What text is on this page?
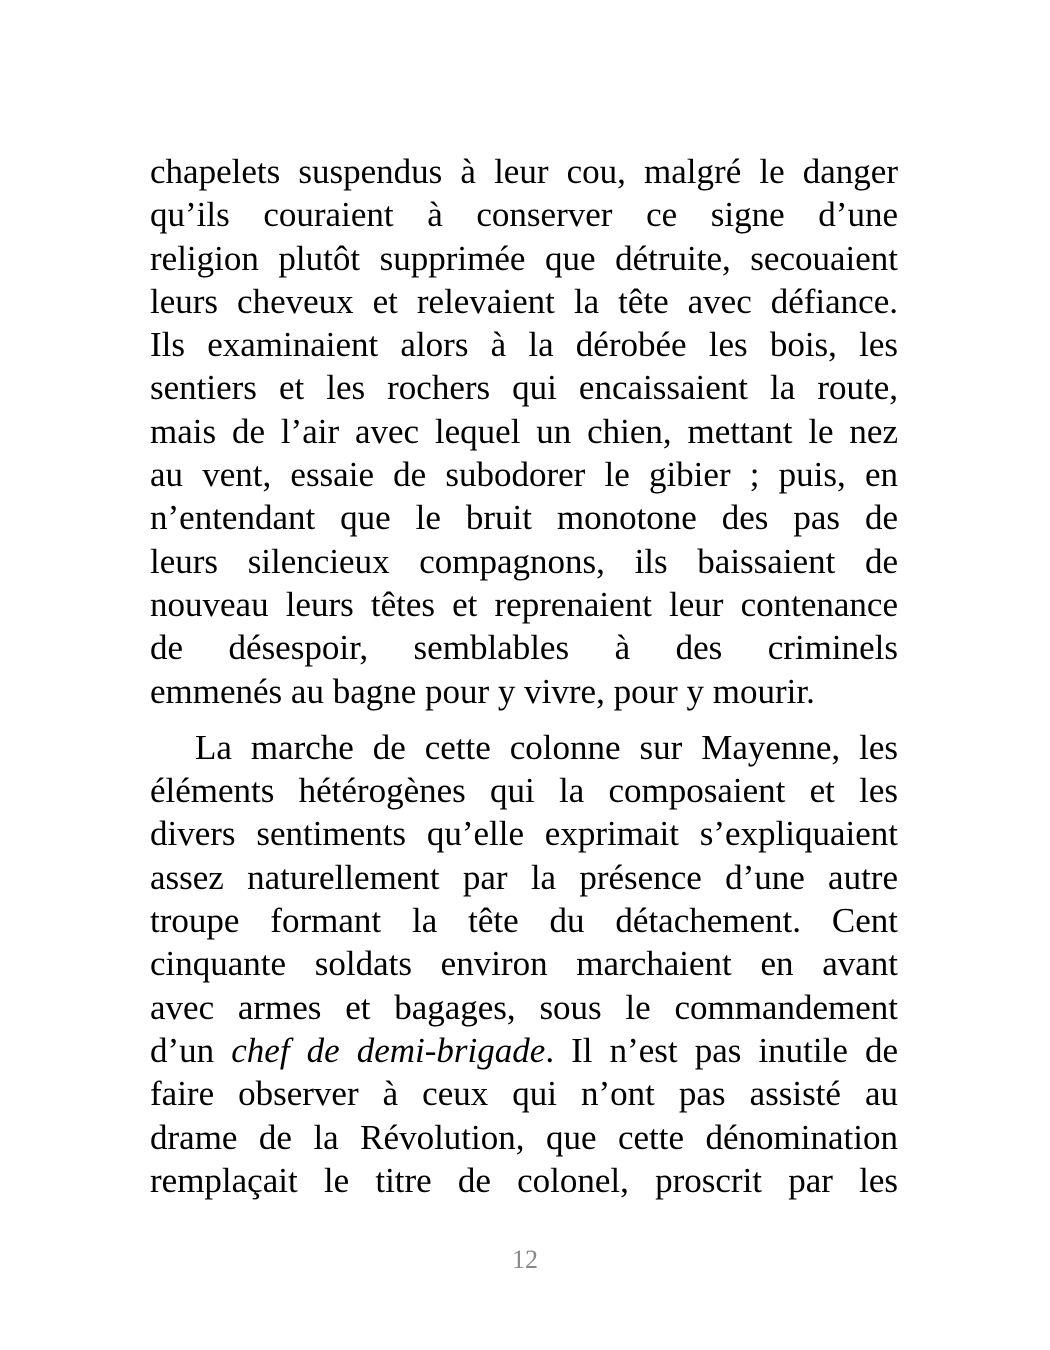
chapelets suspendus à leur cou, malgré le danger
qu’ils couraient à conserver ce signe d’une
religion plutôt supprimée que détruite, secouaient
leurs cheveux et relevaient la tête avec défiance.
Ils examinaient alors à la dérobée les bois, les
sentiers et les rochers qui encaissaient la route,
mais de l’air avec lequel un chien, mettant le nez
au vent, essaie de subodorer le gibier ; puis, en
n’entendant que le bruit monotone des pas de
leurs silencieux compagnons, ils baissaient de
nouveau leurs têtes et reprenaient leur contenance
de désespoir, semblables à des criminels
emmenés au bagne pour y vivre, pour y mourir.
La marche de cette colonne sur Mayenne, les
éléments hétérogènes qui la composaient et les
divers sentiments qu’elle exprimait s’expliquaient
assez naturellement par la présence d’une autre
troupe formant la tête du détachement. Cent
cinquante soldats environ marchaient en avant
avec armes et bagages, sous le commandement
d’un chef de demi-brigade. Il n’est pas inutile de
faire observer à ceux qui n’ont pas assisté au
drame de la Révolution, que cette dénomination
remplaçait le titre de colonel, proscrit par les
12
